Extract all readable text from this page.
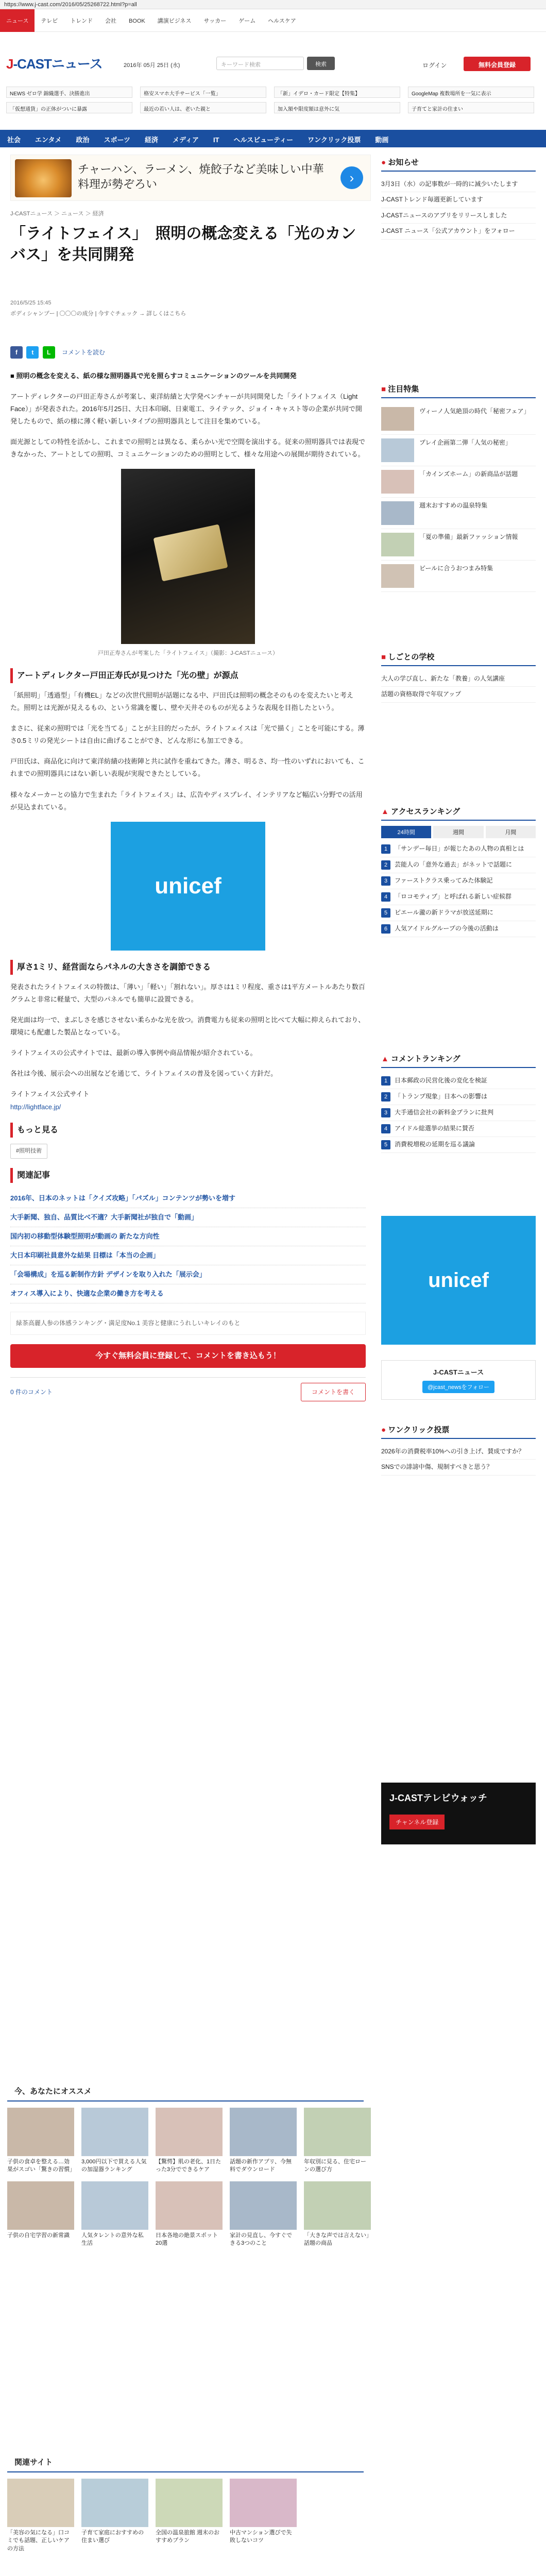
https://www.j-cast.com/2016/05/25268722.html?p=all
ニュース テレビ トレンド 会社 BOOK 講演ビジネス サッカー ゲーム ヘルスケア
J-CASTニュース	2016年 05月 25日 (水)	キーワード検索	検索	ログイン	無料会員登録
NEWS ゼロ学 錦織選手、決勝進出	格安スマホ大手サービス「一覧」	「新」イデロ・カード限定【特集】	GoogleMap 複数場所を一気に表示
「仮想通貨」の正体がついに暴露	最近の若い人は、老いた親と	加入額や限度額は意外に気	子育てと家計の住まい
社会 エンタメ 政治 スポーツ 経済 メディア IT ヘルスビューティー ワンクリック投票 動画
チャーハン、ラーメン、焼餃子など美味しい中華料理が勢ぞろい	›
J-CASTニュース ＞ ニュース ＞ 経済
「ライトフェイス」　照明の概念変える「光のカンバス」を共同開発
2016/5/25 15:45
ボディシャンプー | 〇〇〇の成分 | 今すぐチェック → 詳しくはこちら
f t L コメントを読む

■ 照明の概念を変える、紙の様な照明器具で光を照らすコミュニケーションのツールを共同開発

アートディレクターの戸田正寿さんが考案し、東洋紡績と大学発ベンチャーが共同開発した「ライトフェイス（Light Face）」が発表された。2016年5月25日、大日本印刷、日東電工、ライテック、ジョイ・キャスト等の企業が共同で開発したもので、紙の様に薄く軽い新しいタイプの照明器具として注目を集めている。

面光源としての特性を活かし、これまでの照明とは異なる、柔らかい光で空間を演出する。従来の照明器具では表現できなかった、アートとしての照明、コミュニケーションのための照明として、様々な用途への展開が期待されている。

戸田正寿さんが考案した「ライトフェイス」（撮影：J-CASTニュース）
アートディレクター戸田正寿氏が見つけた「光の壁」が源点

「紙照明」「透過型」「有機EL」などの次世代照明が話題になる中、戸田氏は照明の概念そのものを変えたいと考えた。照明とは光源が見えるもの、という常識を覆し、壁や天井そのものが光るような表現を目指したという。

まさに、従来の照明では「光を当てる」ことが主目的だったが、ライトフェイスは「光で描く」ことを可能にする。薄さ0.5ミリの発光シートは自由に曲げることができ、どんな形にも加工できる。

戸田氏は、商品化に向けて東洋紡績の技術陣と共に試作を重ねてきた。薄さ、明るさ、均一性のいずれにおいても、これまでの照明器具にはない新しい表現が実現できたとしている。

様々なメーカーとの協力で生まれた「ライトフェイス」は、広告やディスプレイ、インテリアなど幅広い分野での活用が見込まれている。

unicef
厚さ1ミリ、経営面ならパネルの大きさを調節できる

発表されたライトフェイスの特徴は、「薄い」「軽い」「割れない」。厚さは1ミリ程度、重さは1平方メートルあたり数百グラムと非常に軽量で、大型のパネルでも簡単に設置できる。

発光面は均一で、まぶしさを感じさせない柔らかな光を放つ。消費電力も従来の照明と比べて大幅に抑えられており、環境にも配慮した製品となっている。

ライトフェイスの公式サイトでは、最新の導入事例や商品情報が紹介されている。

各社は今後、展示会への出展などを通じて、ライトフェイスの普及を図っていく方針だ。

ライトフェイス公式サイト
http://lightface.jp/

もっと見る
#照明技術
関連記事
2016年、日本のネットは「クイズ攻略」「パズル」コンテンツが勢いを増す
大手新聞、独自、品質比べ不適？大手新聞社が独自で「動画」
国内初の移動型体験型照明が動画の 新たな方向性
大日本印刷社員意外な結果 目標は「本当の企画」
「会場構成」を巡る新制作方針 デザインを取り入れた「展示会」
オフィス導入により、快適な企業の働き方を考える
緑茶高麗人参の体感ランキング・満足度No.1 美容と健康にうれしいキレイのもと
今すぐ無料会員に登録して、コメントを書き込もう！
0 件のコメント	コメントを書く
今、あなたにオススメ
子供の食卓を整える…効果がスゴい「驚きの習慣」
3,000円以下で買える人気の加湿器ランキング
【驚愕】肌の老化、1日たった3分でできるケア
話題の新作アプリ、今無料でダウンロード
年収別に見る、住宅ローンの選び方
子供の自宅学習の新常識	人気タレントの意外な私生活
日本各地の絶景スポット 20選
家計の見直し、今すぐできる3つのこと
「大きな声では言えない」話題の商品
関連サイト
「美容の気になる」口コミでも話題、正しいケアの方法
子育て家庭におすすめの住まい選び
全国の温泉旅館 週末のおすすめプラン
中古マンション選びで失敗しないコツ
● お知らせ
3月3日（水）の記事数が一時的に減少いたします
J-CASTトレンド毎週更新しています
J-CASTニュースのアプリをリリースしました
J-CAST ニュース「公式アカウント」をフォロー
■ 注目特集
ヴィーノ人気絶頂の時代「秘密フェア」
プレイ企画第二弾「人気の秘密」
「カインズホーム」の新商品が話題
週末おすすめの温泉特集
「夏の準備」最新ファッション情報
ビールに合うおつまみ特集
■ しごとの学校
大人の学び直し、新たな「教養」の人気講座
話題の資格取得で年収アップ
▲ アクセスランキング
24時間	週間	月間
1	「サンデー毎日」が報じたあの人物の真相とは
2	芸能人の「意外な過去」がネットで話題に
3	ファーストクラス乗ってみた体験記
4	「ロコモティブ」と呼ばれる新しい症候群
5	ピエール瀧の新ドラマが放送延期に
6	人気アイドルグループの今後の活動は
▲ コメントランキング
1	日本郵政の民営化後の変化を検証
2	「トランプ現象」日本への影響は
3	大手通信会社の新料金プランに批判
4	アイドル総選挙の結果に賛否
5	消費税増税の延期を巡る議論
unicef
J-CASTニュース
@jcast_newsをフォロー
● ワンクリック投票
2026年の消費税率10%への引き上げ、賛成ですか？
SNSでの誹謗中傷、規制すべきと思う？
J-CASTテレビウォッチ
チャンネル登録
